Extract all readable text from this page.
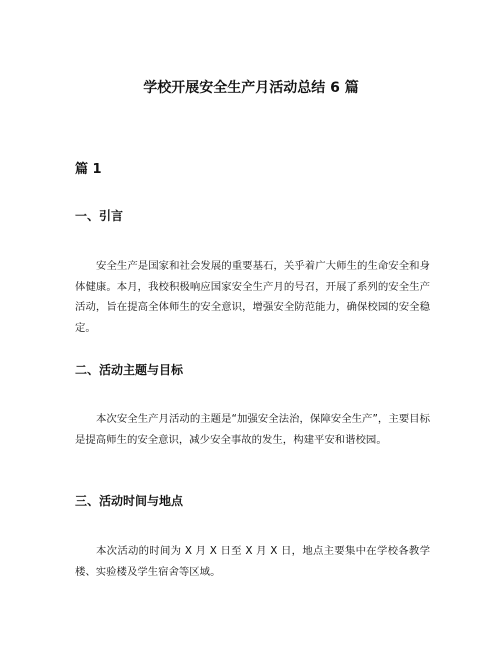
学校开展安全生产月活动总结 6 篇
篇 1
一、引言

安全生产是国家和社会发展的重要基石，关乎着广大师生的生命安全和身体健康。本月，我校积极响应国家安全生产月的号召，开展了系列的安全生产活动，旨在提高全体师生的安全意识，增强安全防范能力，确保校园的安全稳定。

二、活动主题与目标

本次安全生产月活动的主题是“加强安全法治，保障安全生产”，主要目标是提高师生的安全意识，减少安全事故的发生，构建平安和谐校园。

三、活动时间与地点

本次活动的时间为 X 月 X 日至 X 月 X 日，地点主要集中在学校各教学楼、实验楼及学生宿舍等区域。
